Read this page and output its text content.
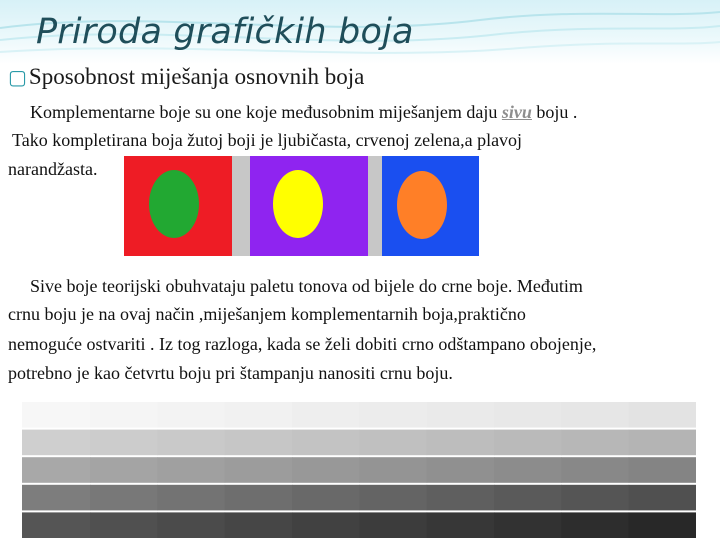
Priroda grafičkih boja
▢Sposobnost miješanja osnovnih boja
Komplementarne boje su one koje međusobnim miješanjem daju sivu boju .
Tako kompletirana boja žutoj boji je ljubičasta, crvenoj zelena,a plavoj
narandžasta.
Sive boje teorijski obuhvataju paletu tonova od bijele do crne boje. Međutim
crnu boju je na ovaj način ,miješanjem komplementarnih boja,praktično
nemoguće ostvariti . Iz tog razloga, kada se želi dobiti crno odštampano obojenje,
potrebno je kao četvrtu boju pri štampanju nanositi crnu boju.
